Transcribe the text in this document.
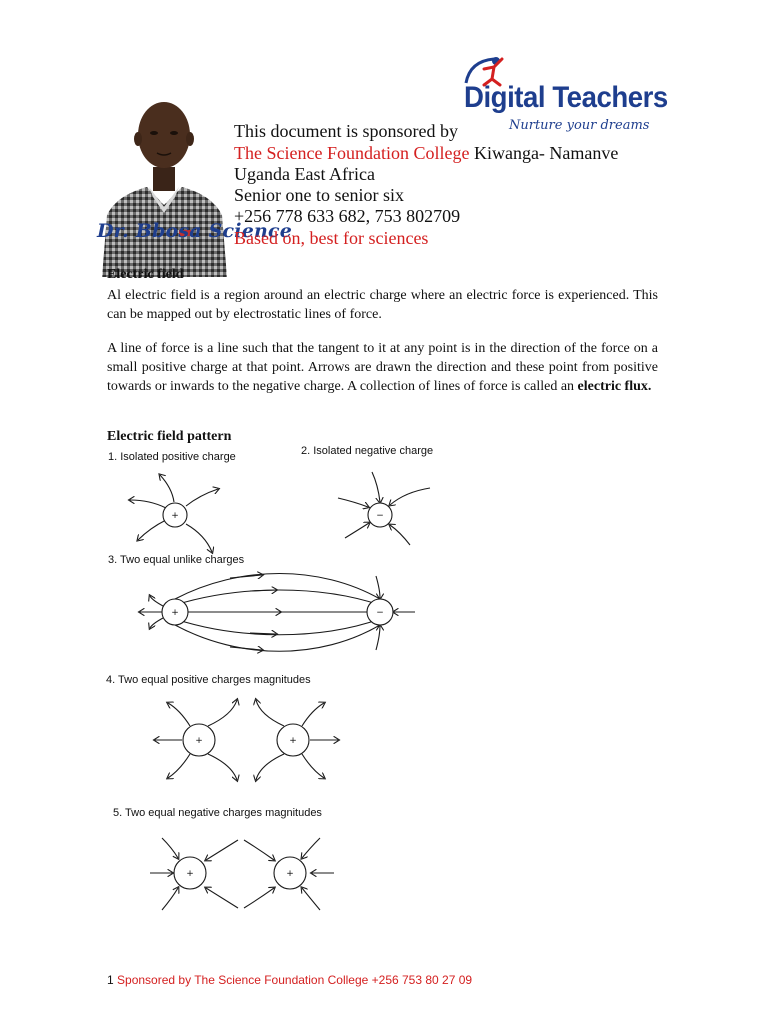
Dr. Bbosa Science
Digital Teachers
Nurture your dreams
This document is sponsored by
The Science Foundation College Kiwanga- Namanve
Uganda East Africa
Senior one to senior six
+256 778 633 682, 753 802709
Based on, best for sciences
Electric field
Al electric field is a region around an electric charge where an electric force is experienced. This can be mapped out by electrostatic lines of force.
A line of force is a line such that the tangent to it at any point is in the direction of the force on a small positive charge at that point. Arrows are drawn the direction and these point from positive towards or inwards to the negative charge. A collection of lines of force is called an electric flux.
Electric field pattern
1. Isolated positive charge	2. Isolated negative charge
3. Two equal unlike charges
4. Two equal positive charges magnitudes
5. Two equal negative charges magnitudes
+	−
+	−
+	+
+	+
1 Sponsored by The Science Foundation College +256 753 80 27 09
